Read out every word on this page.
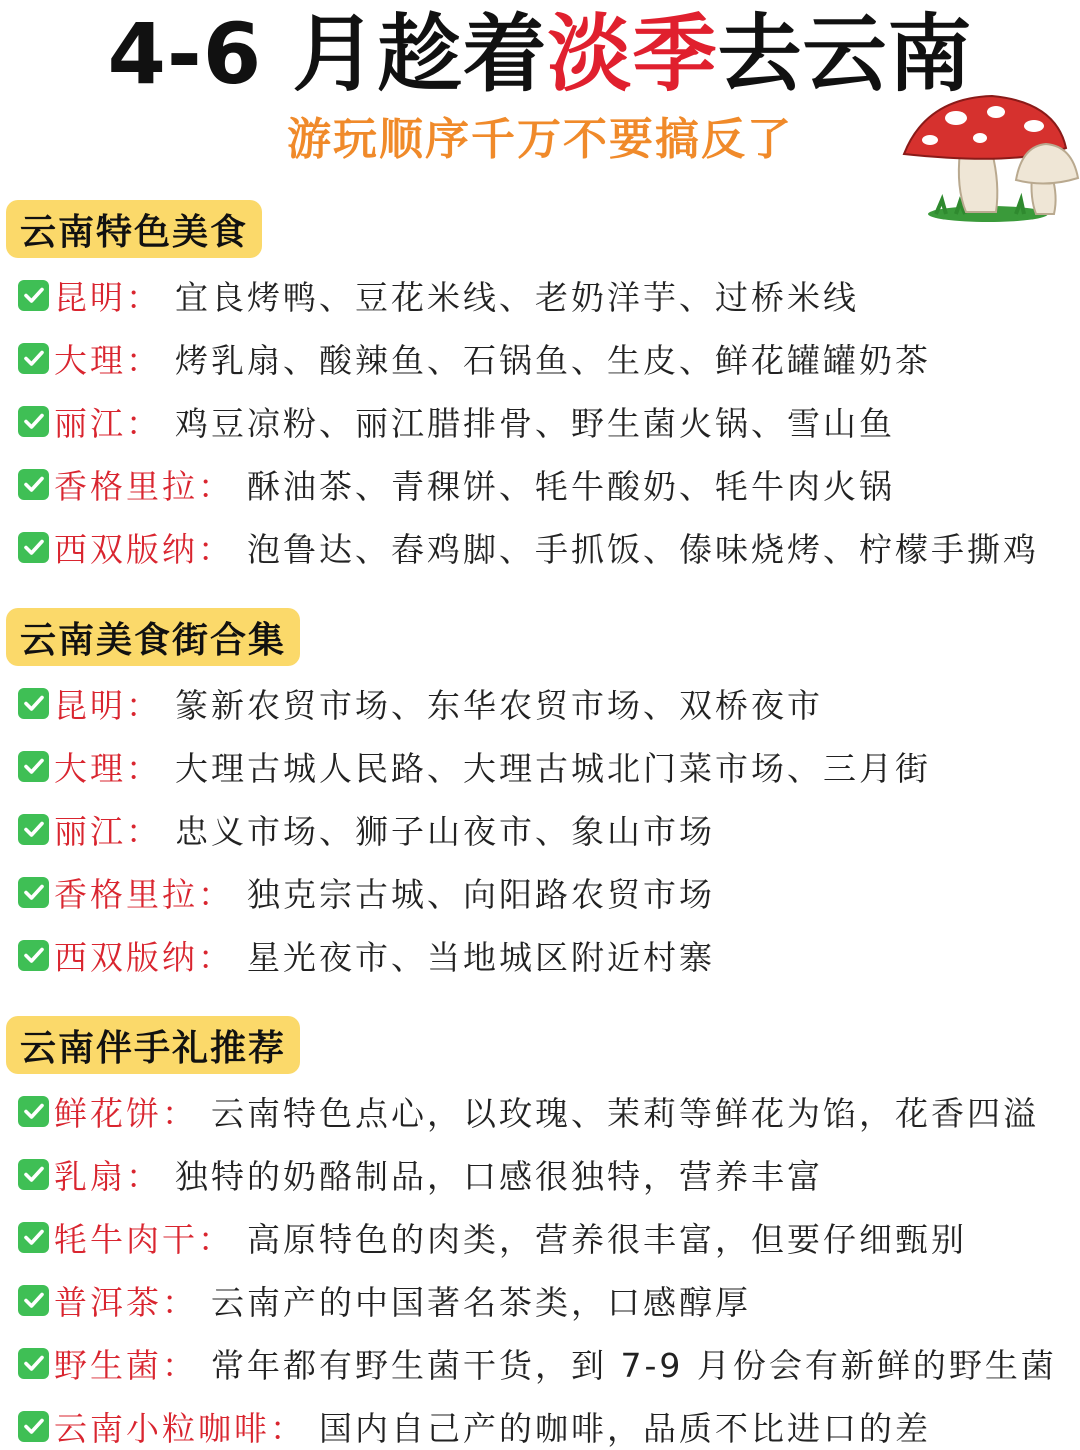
4-6 月趁着淡季去云南
游玩顺序千万不要搞反了
云南特色美食
昆明 ： 宜良烤鸭、豆花米线、老奶洋芋、过桥米线
大理 ： 烤乳扇、酸辣鱼、石锅鱼、生皮、鲜花罐罐奶茶
丽江 ： 鸡豆凉粉、丽江腊排骨、野生菌火锅、雪山鱼
香格里拉 ： 酥油茶、青稞饼、牦牛酸奶、牦牛肉火锅
西双版纳 ： 泡鲁达、舂鸡脚、手抓饭、傣味烧烤、柠檬手撕鸡
云南美食街合集
昆明 ： 篆新农贸市场、东华农贸市场、双桥夜市
大理 ： 大理古城人民路、大理古城北门菜市场、三月街
丽江 ： 忠义市场、狮子山夜市、象山市场
香格里拉 ： 独克宗古城、向阳路农贸市场
西双版纳 ： 星光夜市、当地城区附近村寨
云南伴手礼推荐
鲜花饼 ： 云南特色点心，以玫瑰、茉莉等鲜花为馅，花香四溢
乳扇 ： 独特的奶酪制品，口感很独特，营养丰富
牦牛肉干 ： 高原特色的肉类，营养很丰富，但要仔细甄别
普洱茶 ： 云南产的中国著名茶类，口感醇厚
野生菌 ： 常年都有野生菌干货，到 7-9 月份会有新鲜的野生菌
云南小粒咖啡 ： 国内自己产的咖啡，品质不比进口的差
